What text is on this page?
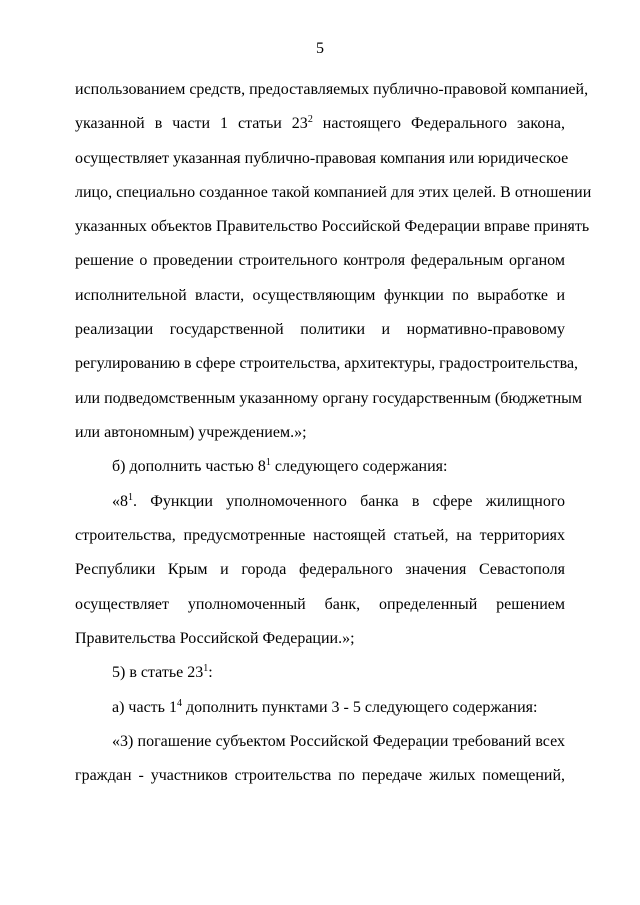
5
использованием средств, предоставляемых публично-правовой компанией,
указанной в части 1 статьи $23^2$ настоящего Федерального закона,
осуществляет указанная публично-правовая компания или юридическое
лицо, специально созданное такой компанией для этих целей. В отношении
указанных объектов Правительство Российской Федерации вправе принять
решение о проведении строительного контроля федеральным органом
исполнительной власти, осуществляющим функции по выработке и
реализации государственной политики и нормативно-правовому
регулированию в сфере строительства, архитектуры, градостроительства,
или подведомственным указанному органу государственным (бюджетным
или автономным) учреждением.»;
б) дополнить частью $8^1$ следующего содержания:
«$8^1$. Функции уполномоченного банка в сфере жилищного
строительства, предусмотренные настоящей статьей, на территориях
Республики Крым и города федерального значения Севастополя
осуществляет уполномоченный банк, определенный решением
Правительства Российской Федерации.»;
5) в статье $23^1$:
а) часть $1^4$ дополнить пунктами 3 - 5 следующего содержания:
«3) погашение субъектом Российской Федерации требований всех
граждан - участников строительства по передаче жилых помещений,
